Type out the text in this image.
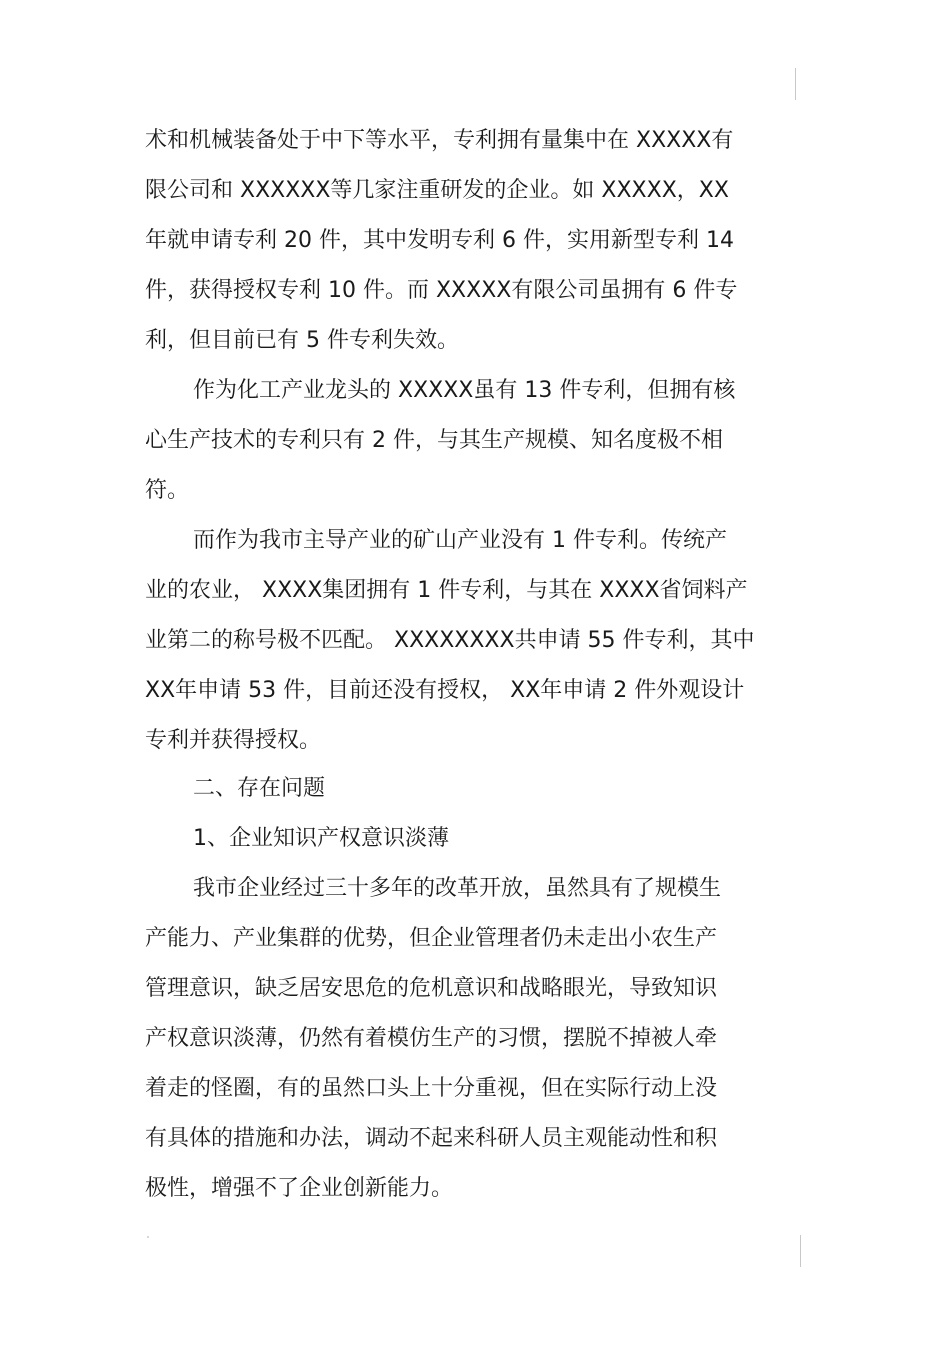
术和机械装备处于中下等水平，专利拥有量集中在 XXXXX有
限公司和 XXXXXX等几家注重研发的企业。如 XXXXX，XX
年就申请专利 20 件，其中发明专利 6 件，实用新型专利 14
件，获得授权专利 10 件。而 XXXXX有限公司虽拥有 6 件专
利，但目前已有 5 件专利失效。
作为化工产业龙头的 XXXXX虽有 13 件专利，但拥有核
心生产技术的专利只有 2 件，与其生产规模、知名度极不相
符。
而作为我市主导产业的矿山产业没有 1 件专利。传统产
业的农业， XXXX集团拥有 1 件专利，与其在 XXXX省饲料产
业第二的称号极不匹配。 XXXXXXXX共申请 55 件专利，其中
XX年申请 53 件，目前还没有授权， XX年申请 2 件外观设计
专利并获得授权。
二、存在问题
1、企业知识产权意识淡薄
我市企业经过三十多年的改革开放，虽然具有了规模生
产能力、产业集群的优势，但企业管理者仍未走出小农生产
管理意识，缺乏居安思危的危机意识和战略眼光，导致知识
产权意识淡薄，仍然有着模仿生产的习惯，摆脱不掉被人牵
着走的怪圈，有的虽然口头上十分重视，但在实际行动上没
有具体的措施和办法，调动不起来科研人员主观能动性和积
极性，增强不了企业创新能力。
